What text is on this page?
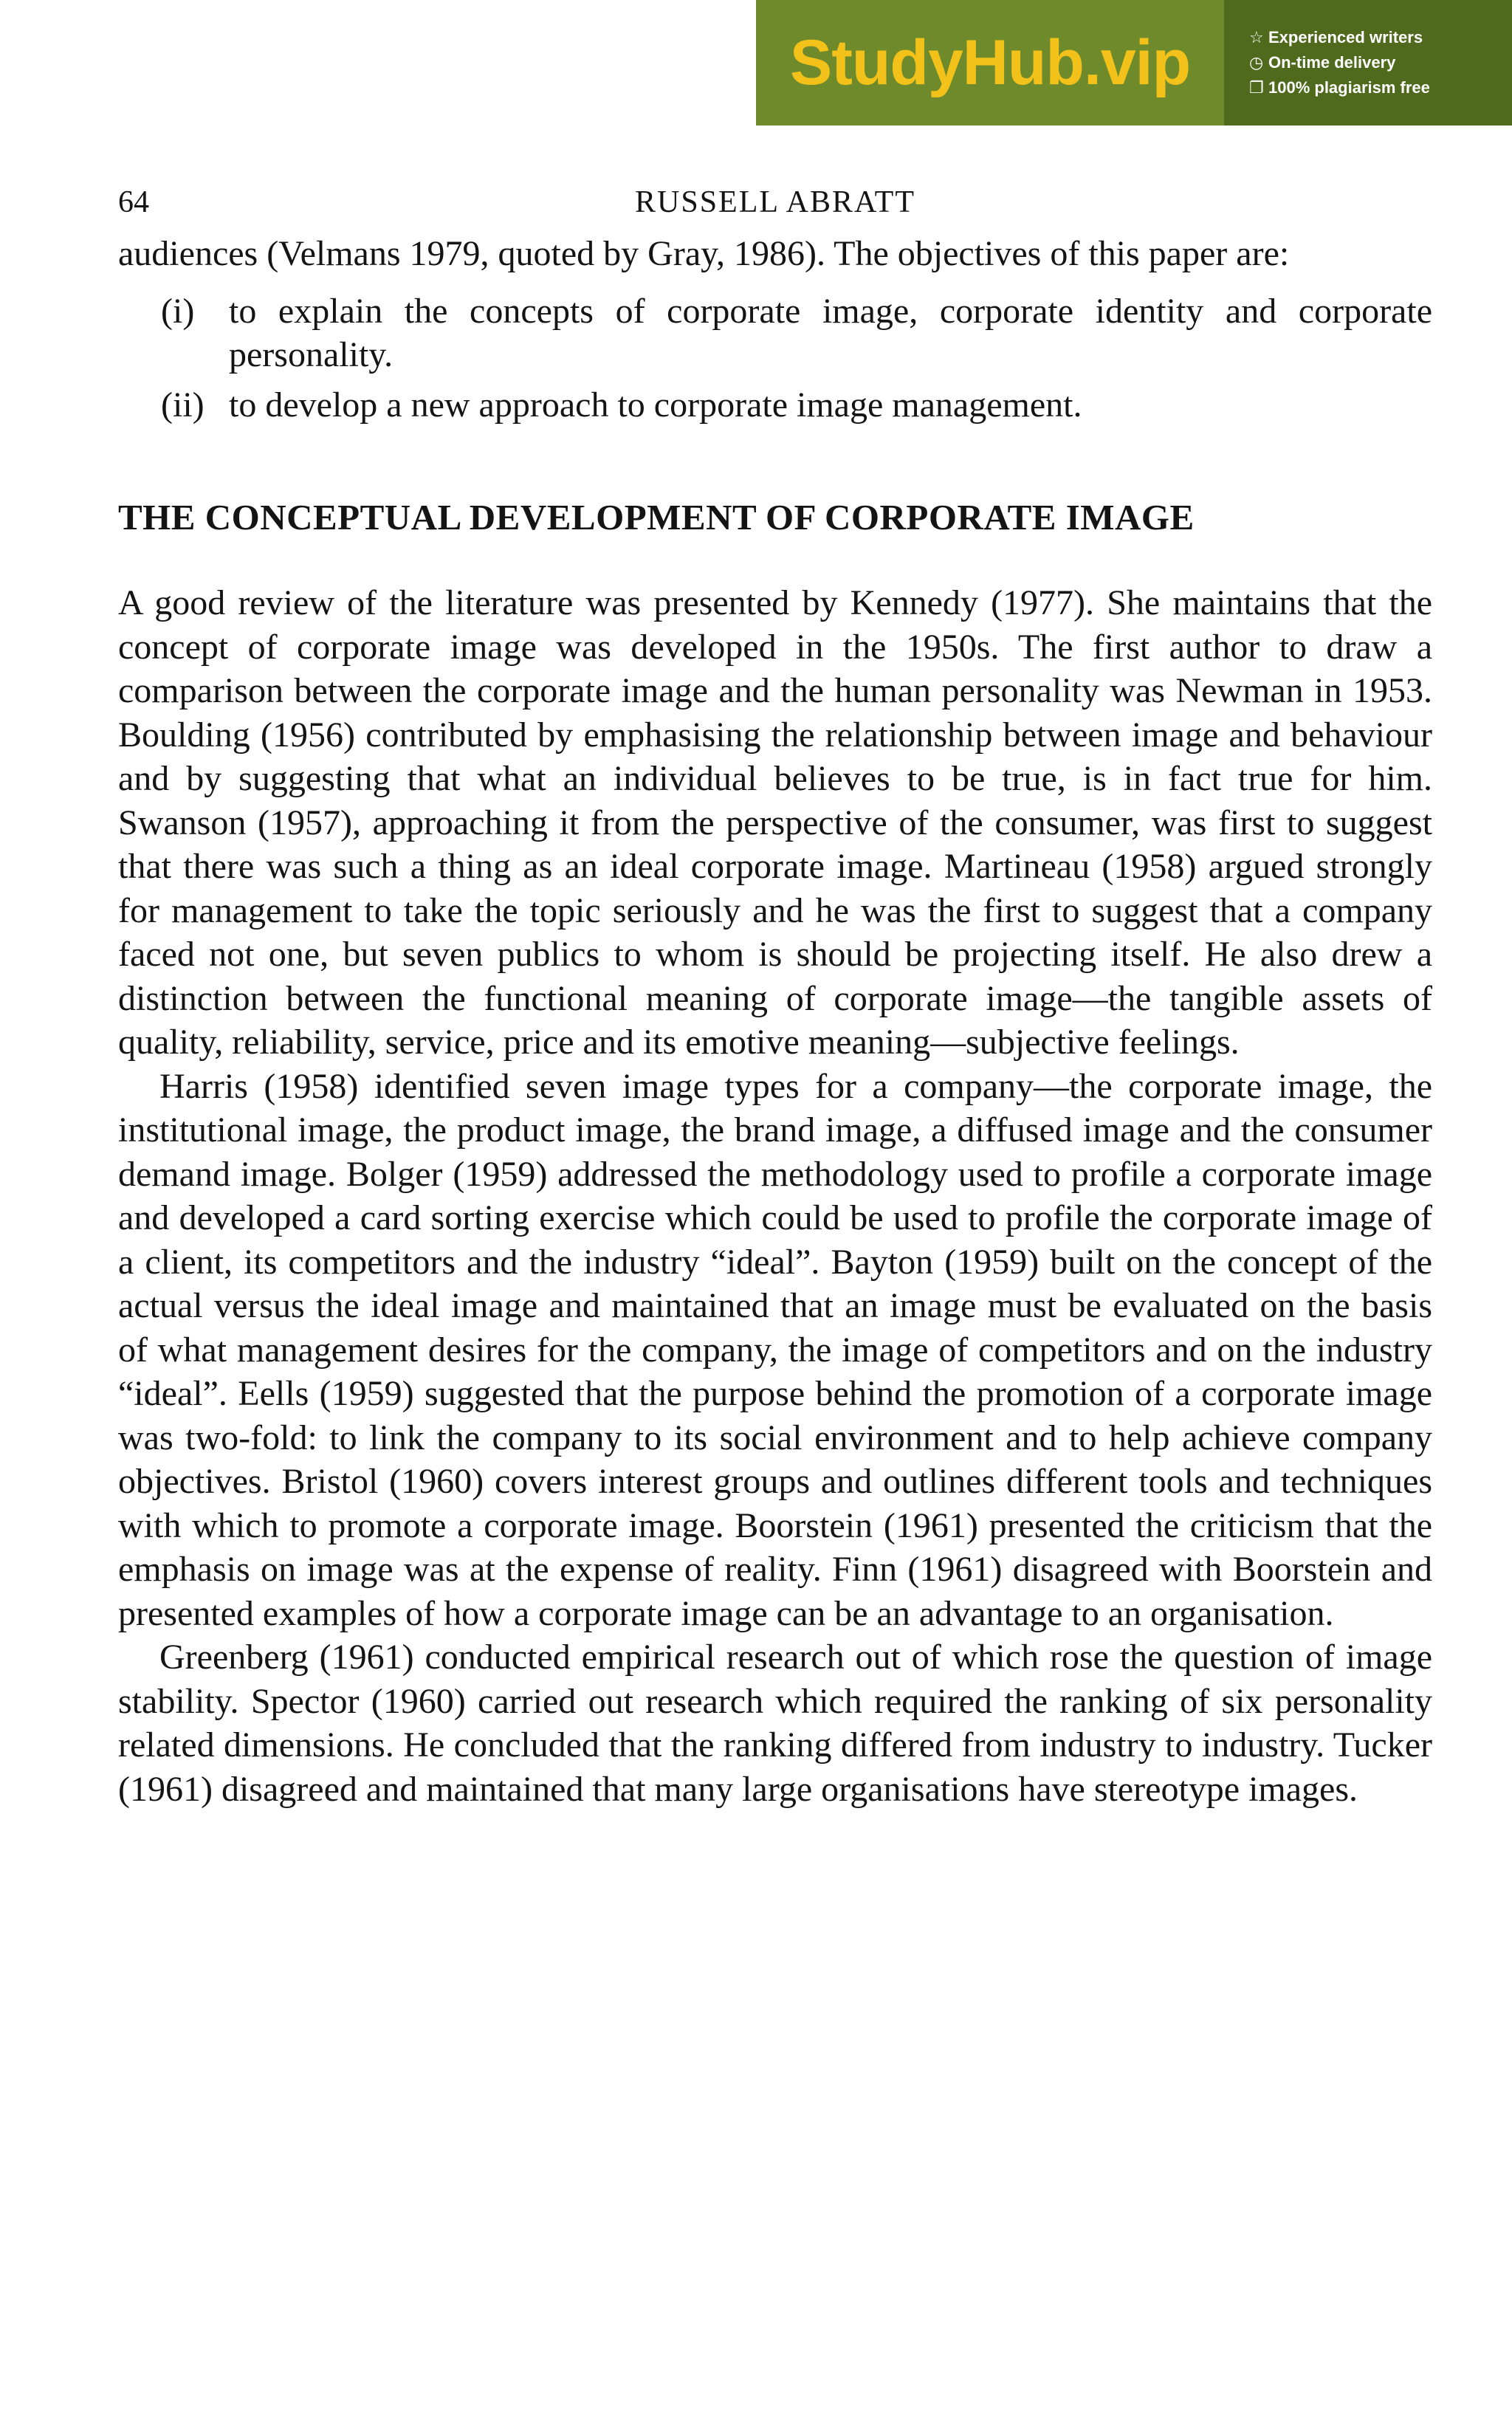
StudyHub.vip	☆ Experienced writers
◷ On-time delivery
❐ 100% plagiarism free
64	RUSSELL ABRATT

audiences (Velmans 1979, quoted by Gray, 1986). The objectives of this paper are:

(i) to explain the concepts of corporate image, corporate identity and corporate personality.
(ii) to develop a new approach to corporate image management.
THE CONCEPTUAL DEVELOPMENT OF CORPORATE IMAGE

A good review of the literature was presented by Kennedy (1977). She maintains that the concept of corporate image was developed in the 1950s. The first author to draw a comparison between the corporate image and the human personality was Newman in 1953. Boulding (1956) contributed by emphasising the relationship between image and behaviour and by suggesting that what an individual believes to be true, is in fact true for him. Swanson (1957), approaching it from the perspective of the consumer, was first to suggest that there was such a thing as an ideal corporate image. Martineau (1958) argued strongly for management to take the topic seriously and he was the first to suggest that a company faced not one, but seven publics to whom is should be projecting itself. He also drew a distinction between the functional meaning of corporate image—the tangible assets of quality, reliability, service, price and its emotive meaning—subjective feelings.

Harris (1958) identified seven image types for a company—the corporate image, the institutional image, the product image, the brand image, a diffused image and the consumer demand image. Bolger (1959) addressed the methodology used to profile a corporate image and developed a card sorting exercise which could be used to profile the corporate image of a client, its competitors and the industry “ideal”. Bayton (1959) built on the concept of the actual versus the ideal image and maintained that an image must be evaluated on the basis of what management desires for the company, the image of competitors and on the industry “ideal”. Eells (1959) suggested that the purpose behind the promotion of a corporate image was two-fold: to link the company to its social environment and to help achieve company objectives. Bristol (1960) covers interest groups and outlines different tools and techniques with which to promote a corporate image. Boorstein (1961) presented the criticism that the emphasis on image was at the expense of reality. Finn (1961) disagreed with Boorstein and presented examples of how a corporate image can be an advantage to an organisation.

Greenberg (1961) conducted empirical research out of which rose the question of image stability. Spector (1960) carried out research which required the ranking of six personality related dimensions. He concluded that the ranking differed from industry to industry. Tucker (1961) disagreed and maintained that many large organisations have stereotype images.
